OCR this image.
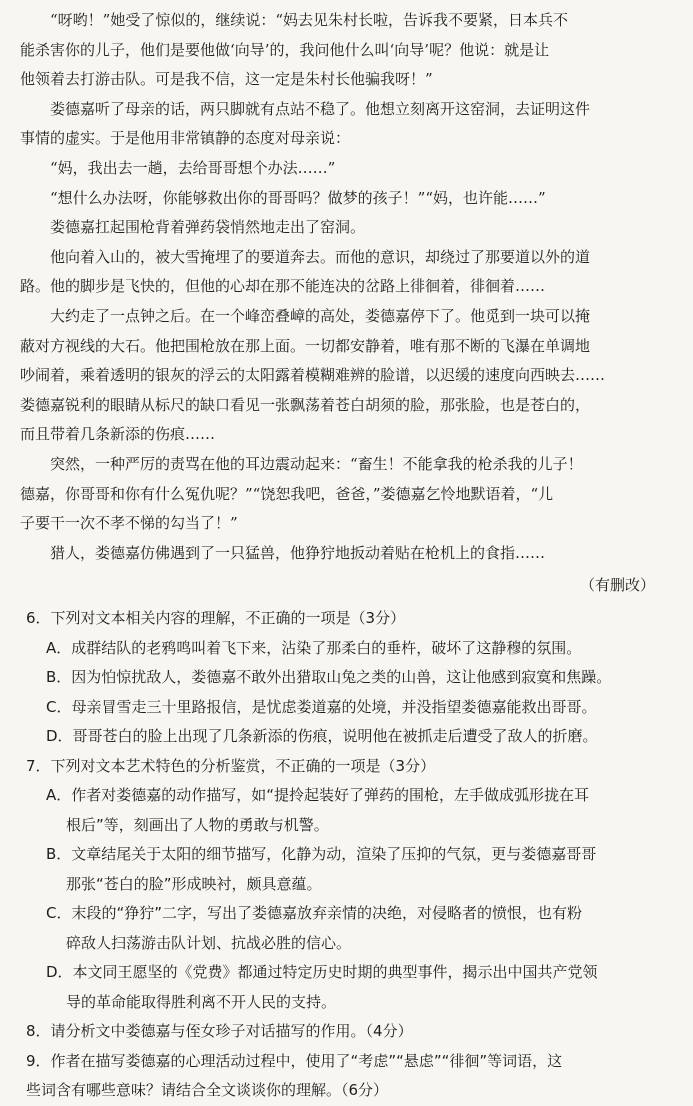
“呀哟！”她受了惊似的，继续说：“妈去见朱村长啦，告诉我不要紧，日本兵不

能杀害你的儿子，他们是要他做‘向导’的，我问他什么叫‘向导’呢？他说：就是让

他领着去打游击队。可是我不信，这一定是朱村长他骗我呀！”

娄德嘉听了母亲的话，两只脚就有点站不稳了。他想立刻离开这窑洞，去证明这件

事情的虚实。于是他用非常镇静的态度对母亲说：

“妈，我出去一趟，去给哥哥想个办法……”

“想什么办法呀，你能够救出你的哥哥吗？做梦的孩子！”“妈，也许能……”

娄德嘉扛起围枪背着弹药袋悄然地走出了窑洞。

他向着入山的，被大雪掩埋了的要道奔去。而他的意识，却绕过了那要道以外的道

路。他的脚步是飞快的，但他的心却在那不能连决的岔路上徘徊着，徘徊着……

大约走了一点钟之后。在一个峰峦叠嶂的高处，娄德嘉停下了。他觅到一块可以掩

蔽对方视线的大石。他把围枪放在那上面。一切都安静着，唯有那不断的飞瀑在单调地

吵闹着，乘着透明的银灰的浮云的太阳露着模糊难辨的脸谱，以迟缓的速度向西映去……

娄德嘉锐利的眼睛从标尺的缺口看见一张飘荡着苍白胡须的脸，那张脸，也是苍白的，

而且带着几条新添的伤痕……

突然，一种严厉的责骂在他的耳边震动起来：“畜生！不能拿我的枪杀我的儿子！

德嘉，你哥哥和你有什么冤仇呢？”“饶恕我吧，爸爸，”娄德嘉乞怜地默语着，“儿

子要干一次不孝不悌的勾当了！”

猎人，娄德嘉仿佛遇到了一只猛兽，他狰狞地扳动着贴在枪机上的食指……

（有删改）
6．下列对文本相关内容的理解，不正确的一项是（3分）
A．成群结队的老鸦鸣叫着飞下来，沾染了那柔白的垂杵，破坏了这静穆的氛围。
B．因为怕惊扰敌人，娄德嘉不敢外出猎取山兔之类的山兽，这让他感到寂寞和焦躁。
C．母亲冒雪走三十里路报信，是忧虑娄道嘉的处境，并没指望娄德嘉能救出哥哥。
D．哥哥苍白的脸上出现了几条新添的伤痕，说明他在被抓走后遭受了敌人的折磨。
7．下列对文本艺术特色的分析鉴赏，不正确的一项是（3分）
A．作者对娄德嘉的动作描写，如“提拎起装好了弹药的围枪，左手做成弧形拢在耳
根后”等，刻画出了人物的勇敢与机警。
B．文章结尾关于太阳的细节描写，化静为动，渲染了压抑的气氛，更与娄德嘉哥哥
那张“苍白的脸”形成映衬，颇具意蕴。
C．末段的“狰狞”二字，写出了娄德嘉放弃亲情的决绝，对侵略者的愤恨，也有粉
碎敌人扫荡游击队计划、抗战必胜的信心。
D．本文同王愿坚的《党费》都通过特定历史时期的典型事件，揭示出中国共产党领
导的革命能取得胜利离不开人民的支持。
8．请分析文中娄德嘉与侄女珍子对话描写的作用。（4分）
9．作者在描写娄德嘉的心理活动过程中，使用了“考虑”“悬虑”“徘徊”等词语，这
些词含有哪些意味？请结合全文谈谈你的理解。（6分）
